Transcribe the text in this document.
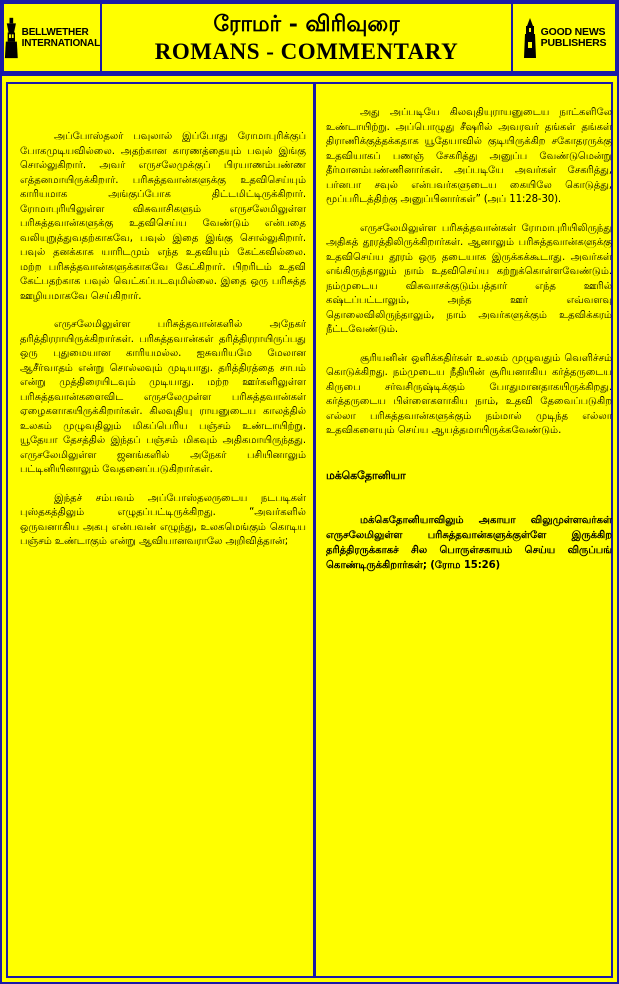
BELLWETHER
INTERNATIONAL
ரோமர் - விரிவுரை
ROMANS - COMMENTARY
GOOD NEWS
PUBLISHERS

அப்போஸ்தலர் பவுலால் இப்போது ரோமாபுரிக்குப் போகமுடியவில்லை. அதற்கான காரணத்தையும் பவுல் இங்கு சொல்லுகிறார். அவர் எருசலேமுக்குப் பிரயாணம்பண்ண எத்தனமாயிருக்கிறார். பரிசுத்தவான்களுக்கு உதவிசெய்யும் காரியமாக அங்குப்போக திட்டமிட்டிருக்கிறார். ரோமாபுரியிலுள்ள விசுவாசிகளும் எருசலேமிலுள்ள பரிசுத்தவான்களுக்கு உதவிசெய்ய வேண்டும் என்பதை வலியுறுத்துவதற்காகவே, பவுல் இதை இங்கு சொல்லுகிறார். பவுல் தனக்காக யாரிடமும் எந்த உதவியும் கேட்கவில்லை. மற்ற பரிசுத்தவான்களுக்காகவே கேட்கிறார். பிறரிடம் உதவி கேட்பதற்காக பவுல் வெட்கப்படவுமில்லை. இதை ஒரு பரிசுத்த ஊழியமாகவே செய்கிறார்.

எருசலேமிலுள்ள பரிசுத்தவான்களில் அநேகர் தரித்திரராயிருக்கிறார்கள். பரிசுத்தவான்கள் தரித்திரராயிருப்பது ஒரு புதுமையான காரியமல்ல. ஐசுவரியமே மேலான ஆசீர்வாதம் என்று சொல்லவும் முடியாது. தரித்திரத்தை சாபம் என்று முத்திரையிடவும் முடியாது. மற்ற ஊர்களிலுள்ள பரிசுத்தவான்களைவிட எருசலேமுள்ள பரிசுத்தவான்கள் ஏழைகளாகயிருக்கிறார்கள். கிலவுதியு ராயனுடைய காலத்தில் உலகம் முழுவதிலும் மிகப்பெரிய பஞ்சம் உண்டாயிற்று. யூதேயா தேசத்தில் இந்தப் பஞ்சம் மிகவும் அதிகமாயிருந்தது. எருசலேமிலுள்ள ஜனங்களில் அநேகர் பசியினாலும் பட்டினியினாலும் வேதனைப்படுகிறார்கள்.

இந்தச் சம்பவம் அப்போஸ்தலருடைய நடபடிகள் புஸ்தகத்திலும் எழுதப்பட்டிருக்கிறது. “அவர்களில் ஒருவனாகிய அகபு என்பவன் எழுந்து, உலகமெங்கும் கொடிய பஞ்சம் உண்டாகும் என்று ஆவியானவராலே அறிவித்தான்;

அது அப்படியே கிலவுதியுராயனுடைய நாட்களிலே உண்டாயிற்று. அப்பொழுது சீஷரில் அவரவர் தங்கள் தங்கள் திராணிக்குத்தக்கதாக யூதேயாவில் குடியிருக்கிற சகோதரருக்கு உதவியாகப் பணஞ் சேகரித்து அனுப்ப வேண்டுமென்று தீர்மானம்பண்ணினார்கள். அப்படியே அவர்கள் சேகரித்து, பர்னபா சவுல் என்பவர்களுடைய கையிலே கொடுத்து, மூப்பரிடத்திற்கு அனுப்பினார்கள்” (அப் 11:28-30).

எருசலேமிலுள்ள பரிசுத்தவான்கள் ரோமாபுரியிலிருந்து அதிகத் தூரத்திலிருக்கிறார்கள். ஆனாலும் பரிசுத்தவான்களுக்கு உதவிசெய்ய தூரம் ஒரு தடையாக இருக்கக்கூடாது. அவர்கள் எங்கிருந்தாலும் நாம் உதவிசெய்ய கற்றுக்கொள்ளவேண்டும். நம்முடைய விசுவாசக்குடும்பத்தார் எந்த ஊரில் கஷ்டப்பட்டாலும், அந்த ஊர் எவ்வளவு தொலைவிலிருந்தாலும், நாம் அவர்களுக்கும் உதவிக்கரம் நீட்டவேண்டும்.

சூரியனின் ஒளிக்கதிர்கள் உலகம் முழுவதும் வெளிச்சம் கொடுக்கிறது. நம்முடைய நீதியின் சூரியனாகிய கர்த்தருடைய கிருபை சர்வசிருஷ்டிக்கும் போதுமானதாகயிருக்கிறது. கர்த்தருடைய பிள்ளைகளாகிய நாம், உதவி தேவைப்படுகிற எல்லா பரிசுத்தவான்களுக்கும் நம்மால் முடிந்த எல்லா உதவிகளையும் செய்ய ஆயத்தமாயிருக்கவேண்டும்.

மக்கெதோனியா
மக்கெதோனியாவிலும் அகாயா விலுமுள்ளவர்கள் எருசலேமிலுள்ள பரிசுத்தவான்களுக்குள்ளே இருக்கிற தரித்திரருக்காகச் சில பொருள்சகாயம் செய்ய விருப்பங் கொண்டிருக்கிறார்கள்; (ரோம 15:26)
